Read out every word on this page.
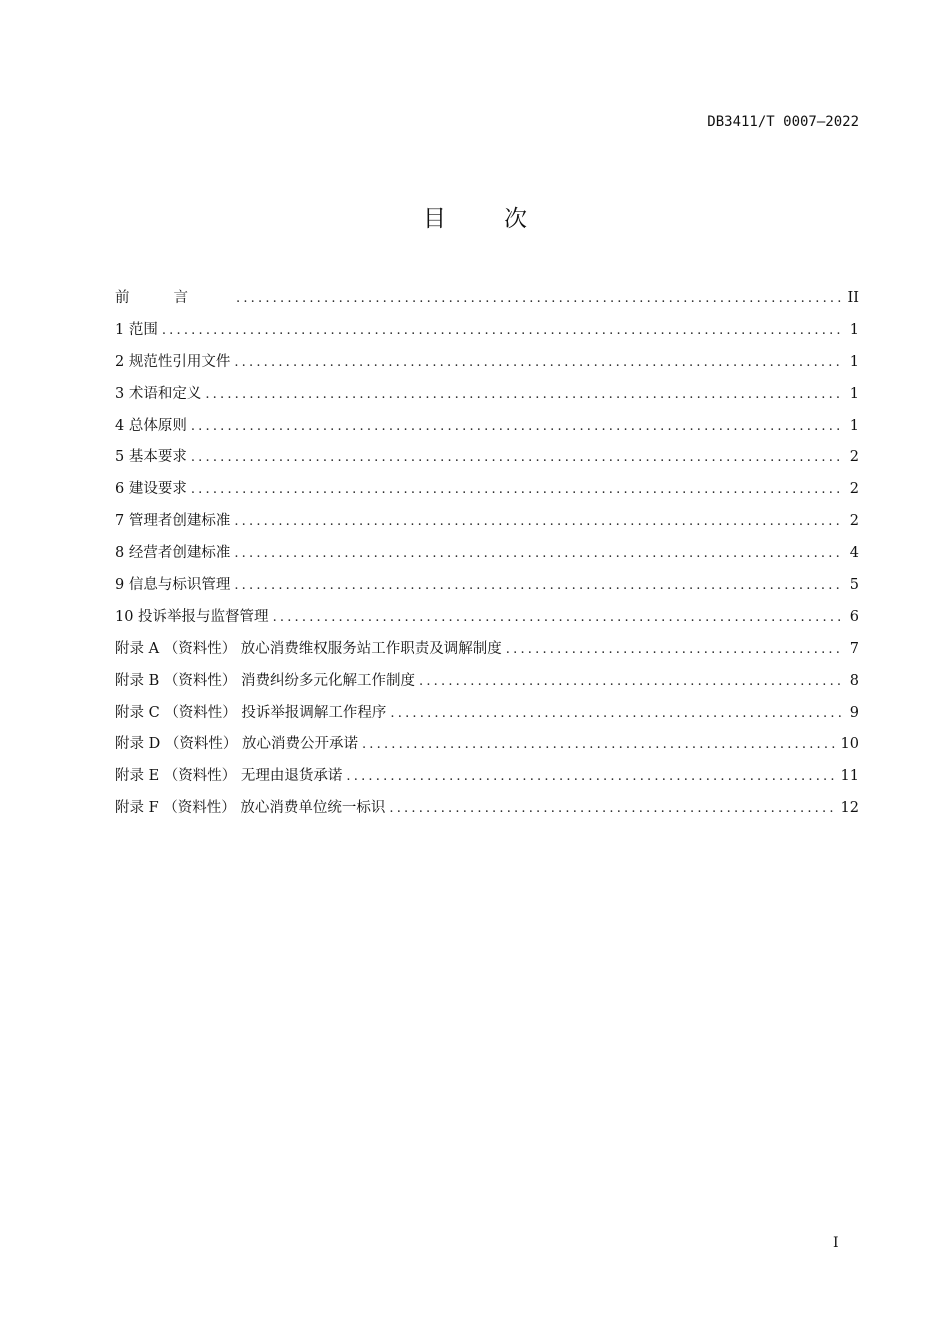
DB3411/T 0007—2022
目	次
前言 .....	II
1 范围 .....	1
2 规范性引用文件 .....	1
3 术语和定义 .....	1
4 总体原则 .....	1
5 基本要求 .....	2
6 建设要求 .....	2
7 管理者创建标准 .....	2
8 经营者创建标准 .....	4
9 信息与标识管理 .....	5
10 投诉举报与监督管理 .....	6
附录 A （资料性） 放心消费维权服务站工作职责及调解制度 .....	7
附录 B （资料性） 消费纠纷多元化解工作制度 .....	8
附录 C （资料性） 投诉举报调解工作程序 .....	9
附录 D （资料性） 放心消费公开承诺 .....	10
附录 E （资料性） 无理由退货承诺 .....	11
附录 F （资料性） 放心消费单位统一标识 .....	12
I
